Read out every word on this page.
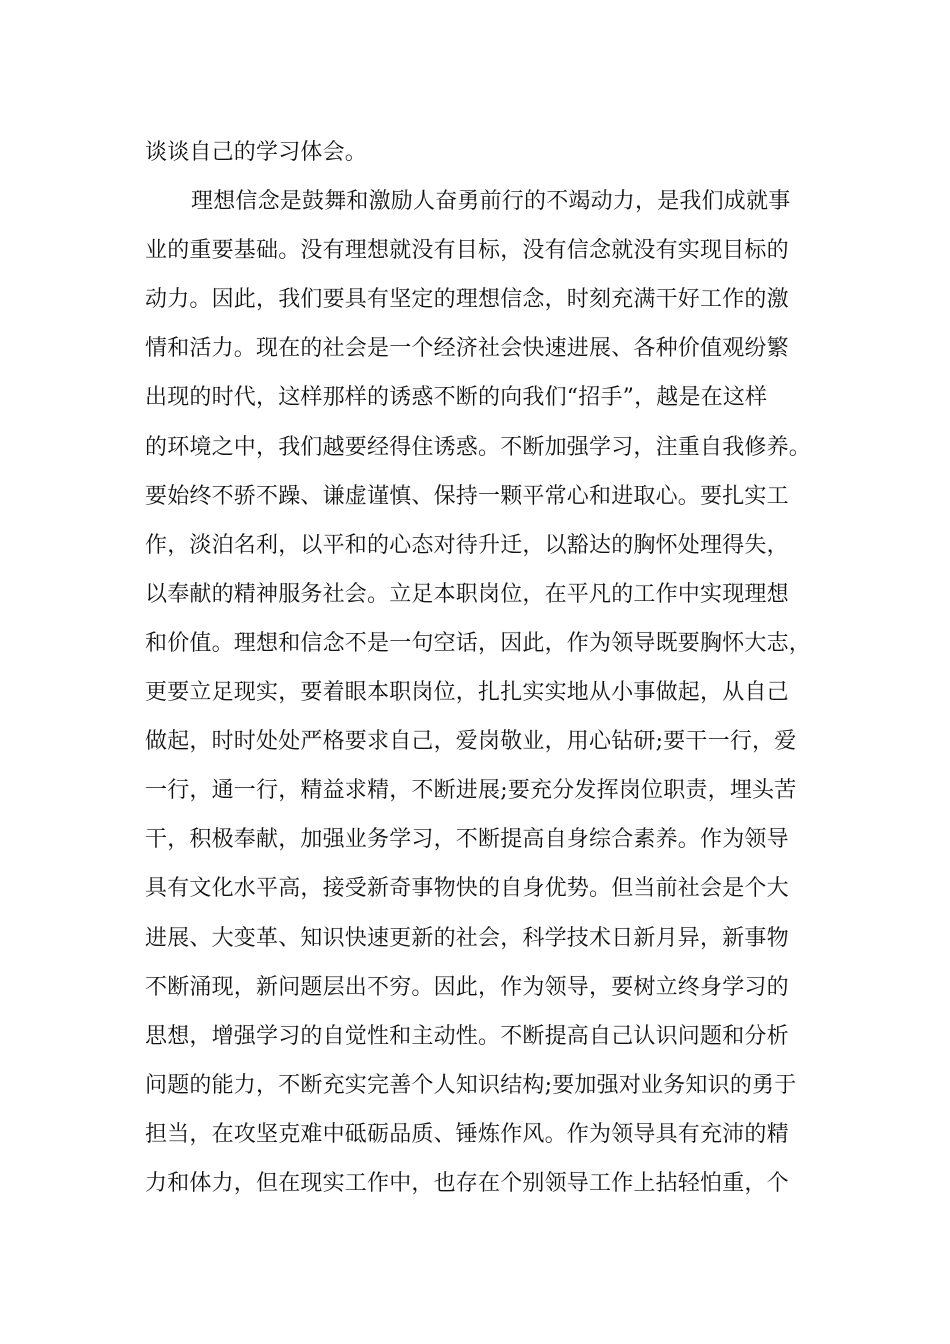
谈谈自己的学习体会。
理想信念是鼓舞和激励人奋勇前行的不竭动力，是我们成就事
业的重要基础。没有理想就没有目标，没有信念就没有实现目标的
动力。因此，我们要具有坚定的理想信念，时刻充满干好工作的激
情和活力。现在的社会是一个经济社会快速进展、各种价值观纷繁
出现的时代，这样那样的诱惑不断的向我们“招手”，越是在这样
的环境之中，我们越要经得住诱惑。不断加强学习，注重自我修养。
要始终不骄不躁、谦虚谨慎、保持一颗平常心和进取心。要扎实工
作，淡泊名利，以平和的心态对待升迁，以豁达的胸怀处理得失，
以奉献的精神服务社会。立足本职岗位，在平凡的工作中实现理想
和价值。理想和信念不是一句空话，因此，作为领导既要胸怀大志，
更要立足现实，要着眼本职岗位，扎扎实实地从小事做起，从自己
做起，时时处处严格要求自己，爱岗敬业，用心钻研;要干一行，爱
一行，通一行，精益求精，不断进展;要充分发挥岗位职责，埋头苦
干，积极奉献，加强业务学习，不断提高自身综合素养。作为领导
具有文化水平高，接受新奇事物快的自身优势。但当前社会是个大
进展、大变革、知识快速更新的社会，科学技术日新月异，新事物
不断涌现，新问题层出不穷。因此，作为领导，要树立终身学习的
思想，增强学习的自觉性和主动性。不断提高自己认识问题和分析
问题的能力，不断充实完善个人知识结构;要加强对业务知识的勇于
担当，在攻坚克难中砥砺品质、锤炼作风。作为领导具有充沛的精
力和体力，但在现实工作中，也存在个别领导工作上拈轻怕重，个
